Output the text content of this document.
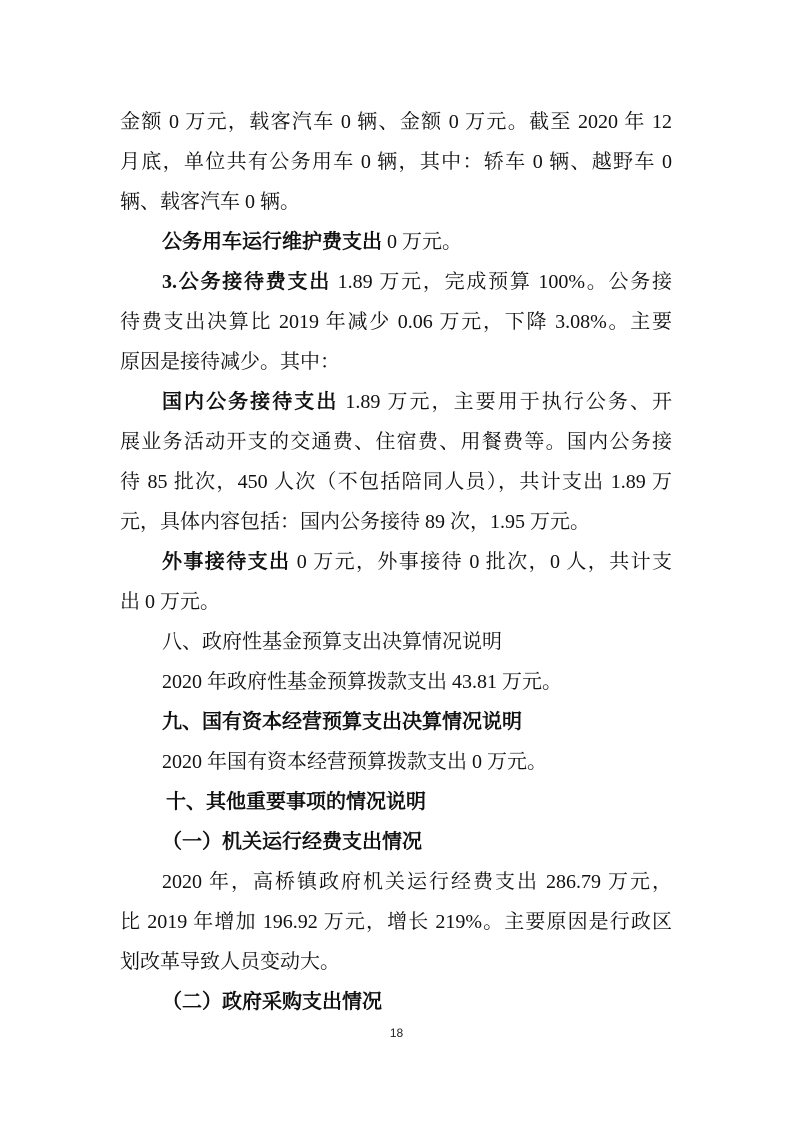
金额 0 万元，载客汽车 0 辆、金额 0 万元。截至 2020 年 12
月底，单位共有公务用车 0 辆，其中：轿车 0 辆、越野车 0
辆、载客汽车 0 辆。
公务用车运行维护费支出 0 万元。
3.公务接待费支出 1.89 万元，完成预算 100%。公务接
待费支出决算比 2019 年减少 0.06 万元，下降 3.08%。主要
原因是接待减少。其中：
国内公务接待支出 1.89 万元，主要用于执行公务、开
展业务活动开支的交通费、住宿费、用餐费等。国内公务接
待 85 批次，450 人次（不包括陪同人员），共计支出 1.89 万
元，具体内容包括：国内公务接待 89 次，1.95 万元。
外事接待支出 0 万元，外事接待 0 批次，0 人，共计支
出 0 万元。
八、政府性基金预算支出决算情况说明
2020 年政府性基金预算拨款支出 43.81 万元。
九、国有资本经营预算支出决算情况说明
2020 年国有资本经营预算拨款支出 0 万元。
十、其他重要事项的情况说明
（一）机关运行经费支出情况
2020 年，高桥镇政府机关运行经费支出 286.79 万元，
比 2019 年增加 196.92 万元，增长 219%。主要原因是行政区
划改革导致人员变动大。
（二）政府采购支出情况
18
